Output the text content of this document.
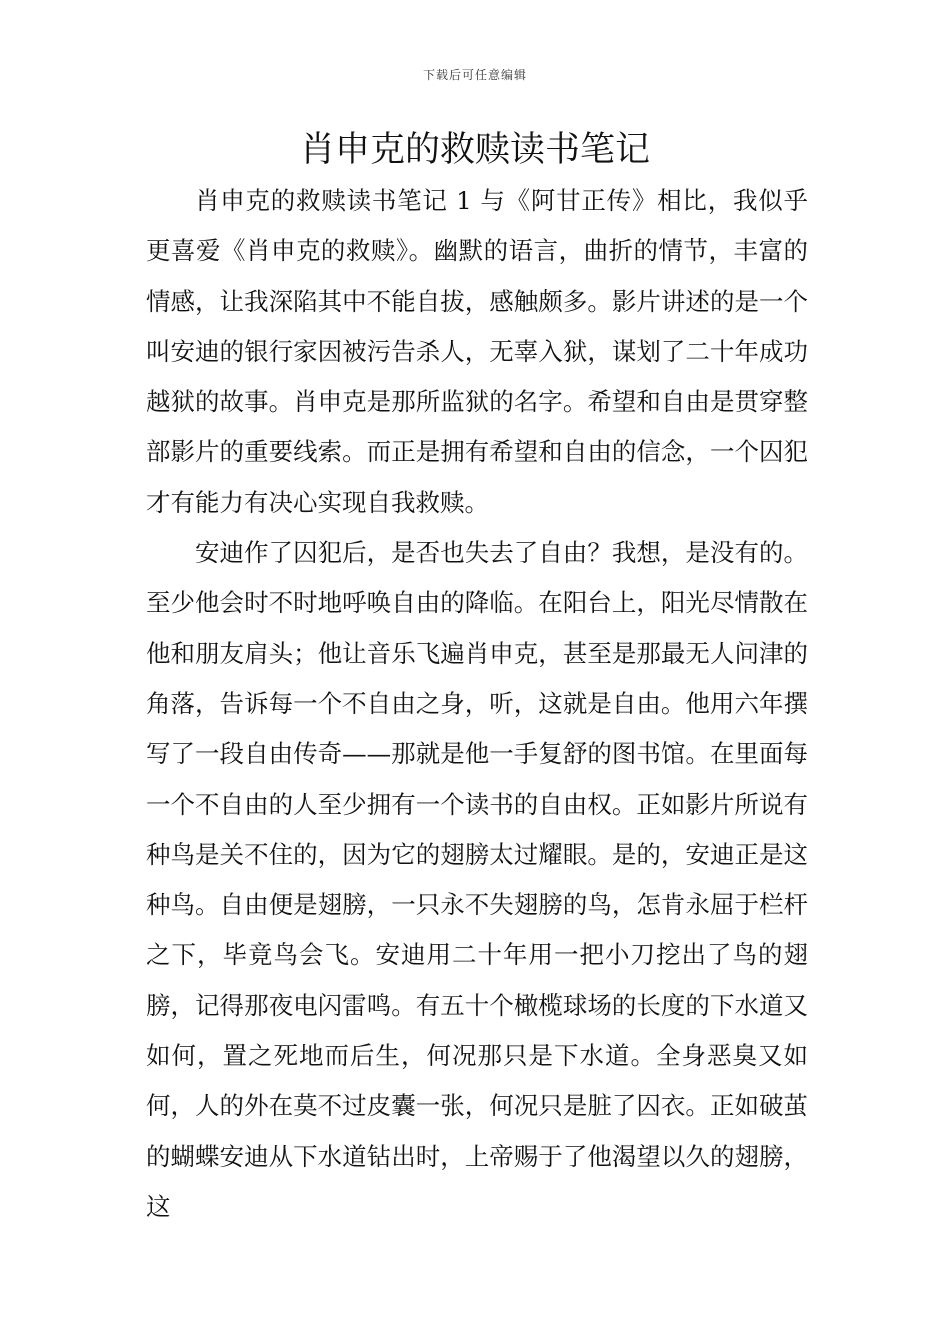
下载后可任意编辑
肖申克的救赎读书笔记

肖申克的救赎读书笔记 1 与《阿甘正传》相比，我似乎更喜爱《肖申克的救赎》。幽默的语言，曲折的情节，丰富的情感，让我深陷其中不能自拔，感触颇多。影片讲述的是一个叫安迪的银行家因被污告杀人，无辜入狱，谋划了二十年成功越狱的故事。肖申克是那所监狱的名字。希望和自由是贯穿整部影片的重要线索。而正是拥有希望和自由的信念，一个囚犯才有能力有决心实现自我救赎。

安迪作了囚犯后，是否也失去了自由？我想，是没有的。至少他会时不时地呼唤自由的降临。在阳台上，阳光尽情散在他和朋友肩头；他让音乐飞遍肖申克，甚至是那最无人问津的角落，告诉每一个不自由之身，听，这就是自由。他用六年撰写了一段自由传奇——那就是他一手复舒的图书馆。在里面每一个不自由的人至少拥有一个读书的自由权。正如影片所说有种鸟是关不住的，因为它的翅膀太过耀眼。是的，安迪正是这种鸟。自由便是翅膀，一只永不失翅膀的鸟，怎肯永屈于栏杆之下，毕竟鸟会飞。安迪用二十年用一把小刀挖出了鸟的翅膀，记得那夜电闪雷鸣。有五十个橄榄球场的长度的下水道又如何，置之死地而后生，何况那只是下水道。全身恶臭又如何，人的外在莫不过皮囊一张，何况只是脏了囚衣。正如破茧的蝴蝶安迪从下水道钻出时，上帝赐于了他渴望以久的翅膀，这
